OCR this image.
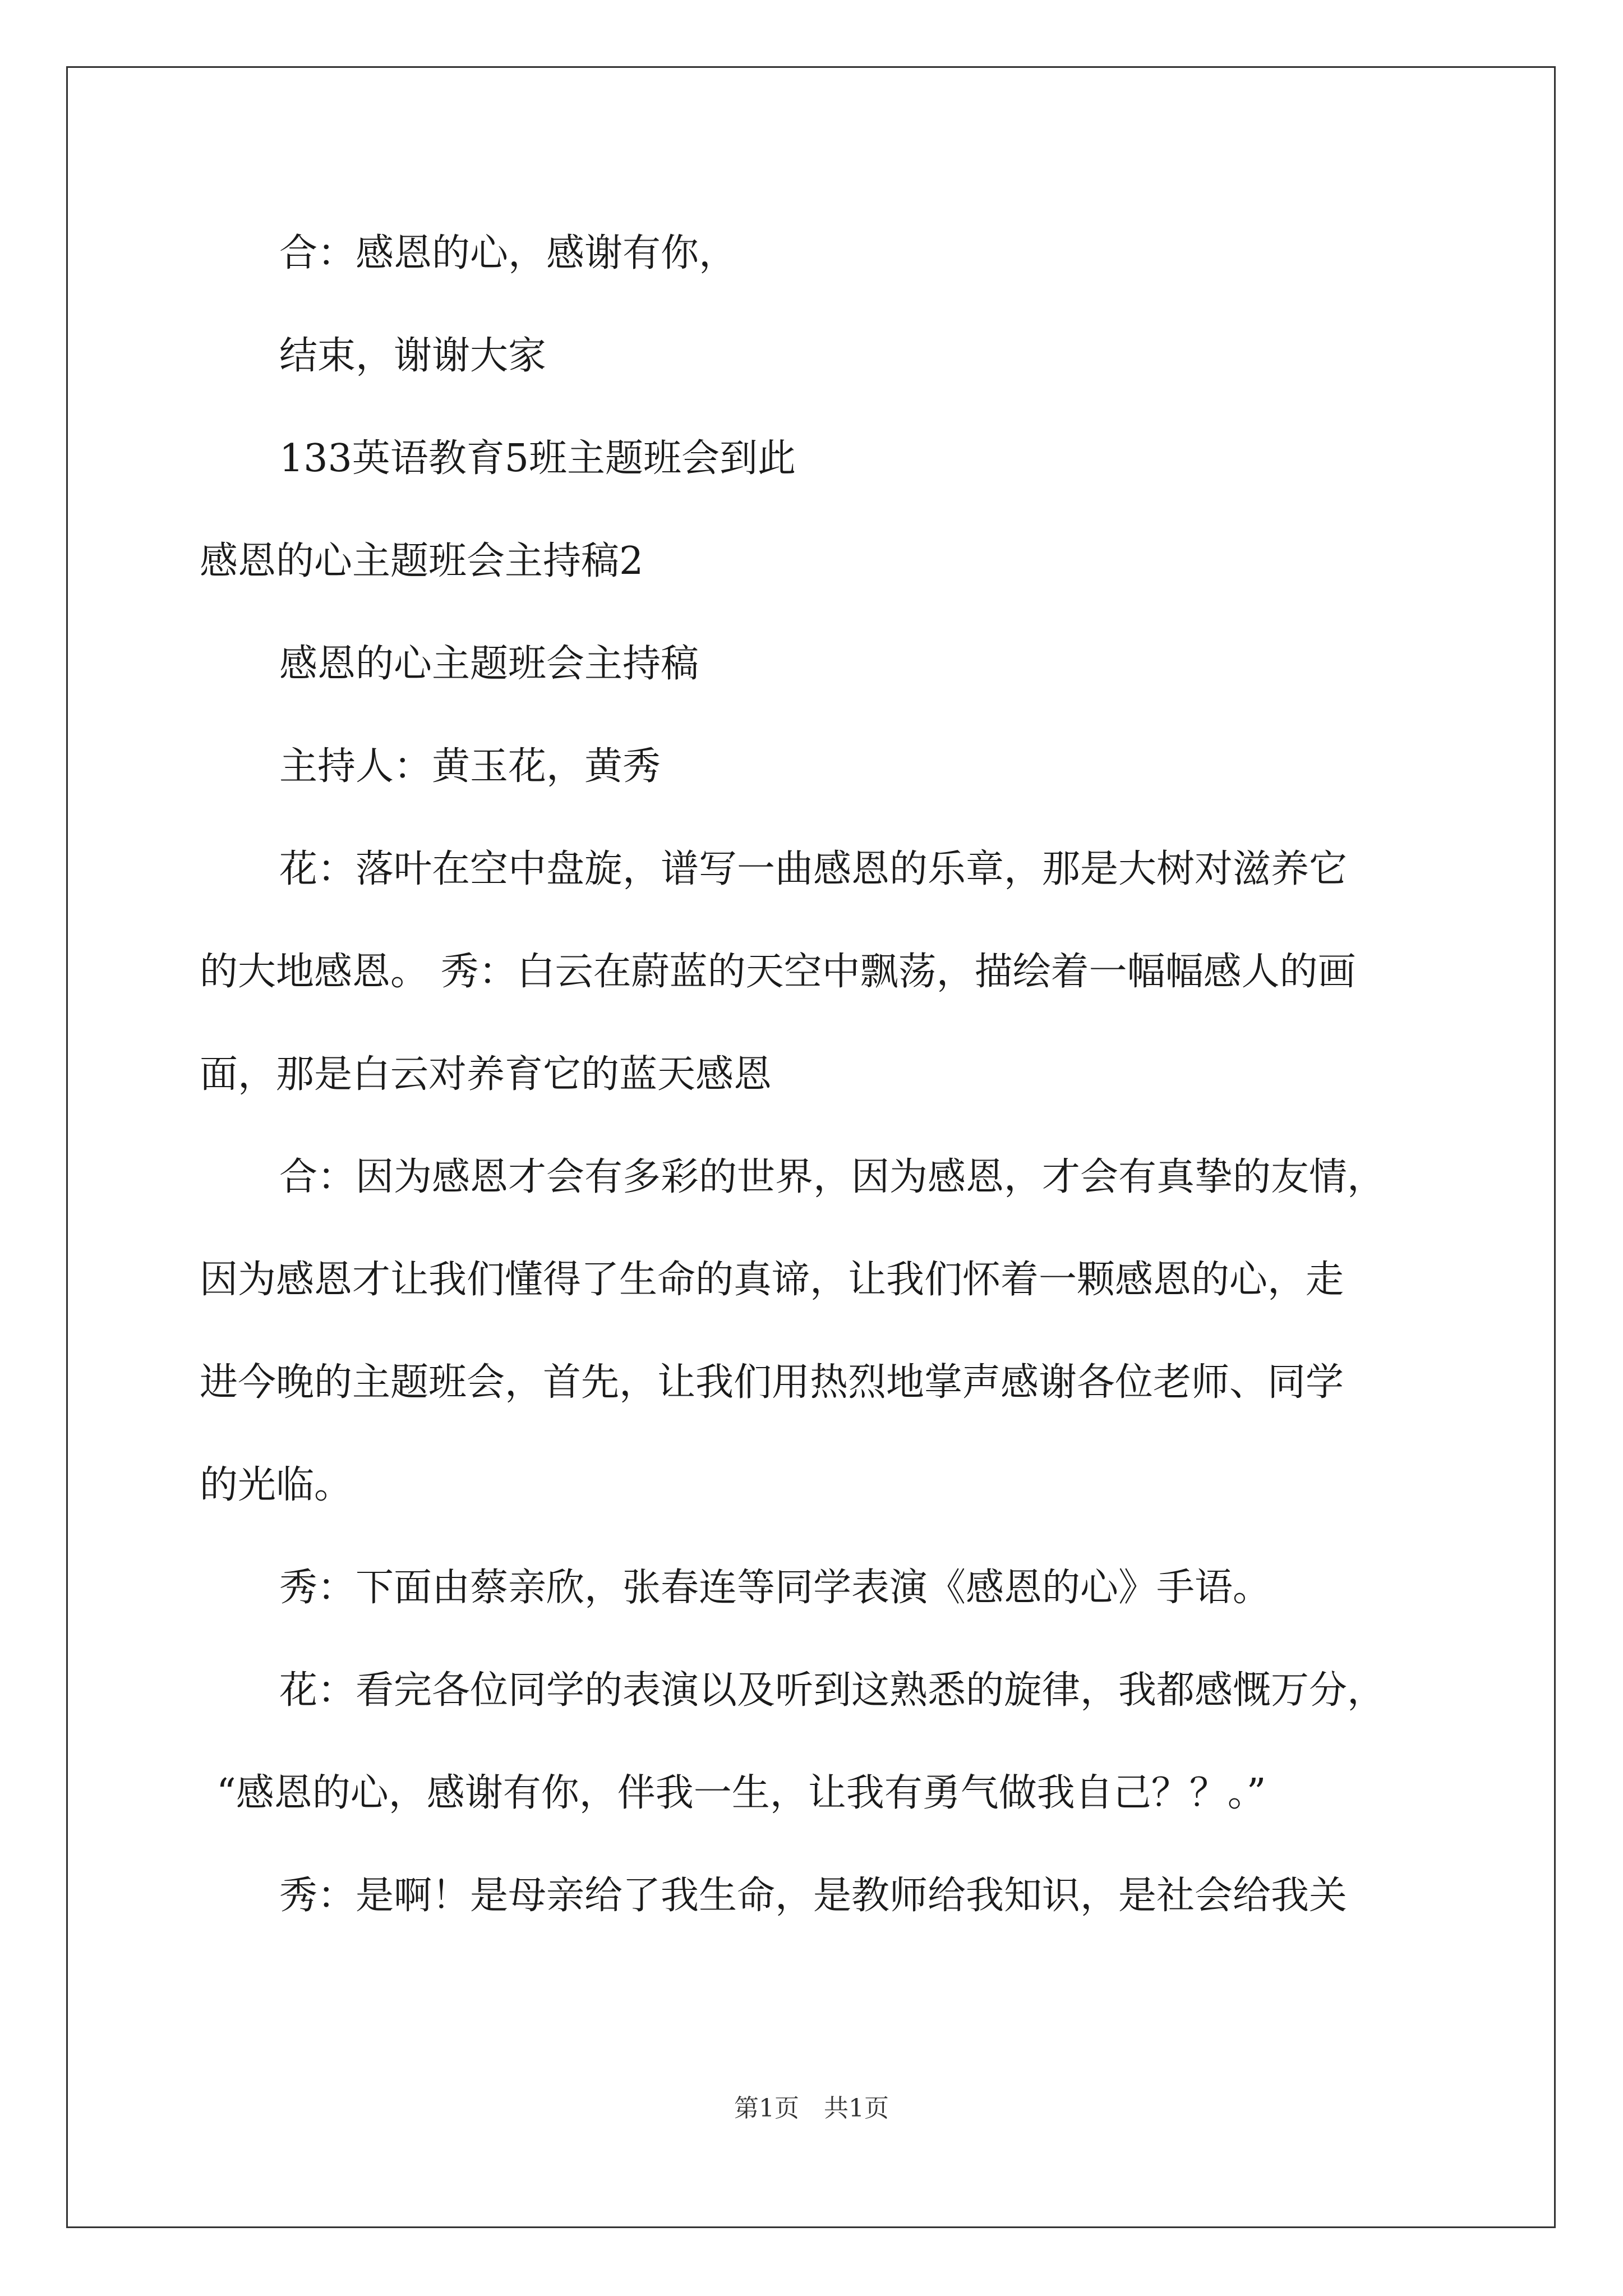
合：感恩的心，感谢有你，

结束，谢谢大家

133英语教育5班主题班会到此

感恩的心主题班会主持稿2

感恩的心主题班会主持稿

主持人：黄玉花，黄秀

花：落叶在空中盘旋，谱写一曲感恩的乐章，那是大树对滋养它
的大地感恩。 秀：白云在蔚蓝的天空中飘荡，描绘着一幅幅感人的画
面，那是白云对养育它的蓝天感恩

合：因为感恩才会有多彩的世界，因为感恩，才会有真挚的友情，
因为感恩才让我们懂得了生命的真谛，让我们怀着一颗感恩的心，走
进今晚的主题班会，首先，让我们用热烈地掌声感谢各位老师、同学
的光临。

秀：下面由蔡亲欣，张春连等同学表演《感恩的心》手语。

花：看完各位同学的表演以及听到这熟悉的旋律，我都感慨万分，
“感恩的心，感谢有你，伴我一生，让我有勇气做我自己？？。”

秀：是啊！是母亲给了我生命，是教师给我知识，是社会给我关

第1页　共1页
